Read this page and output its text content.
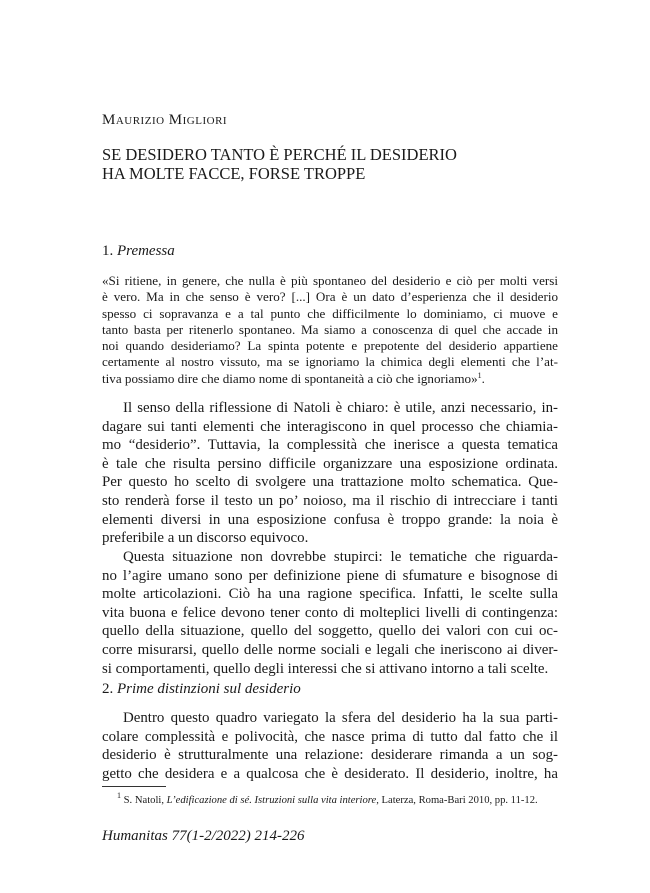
Maurizio Migliori
SE DESIDERO TANTO È PERCHÉ IL DESIDERIO
HA MOLTE FACCE, FORSE TROPPE
1. Premessa
«Si ritiene, in genere, che nulla è più spontaneo del desiderio e ciò per molti versi
è vero. Ma in che senso è vero? [...] Ora è un dato d’esperienza che il desiderio
spesso ci sopravanza e a tal punto che difficilmente lo dominiamo, ci muove e
tanto basta per ritenerlo spontaneo. Ma siamo a conoscenza di quel che accade in
noi quando desideriamo? La spinta potente e prepotente del desiderio appartiene
certamente al nostro vissuto, ma se ignoriamo la chimica degli elementi che l’at-
tiva possiamo dire che diamo nome di spontaneità a ciò che ignoriamo»$^1$.
Il senso della riflessione di Natoli è chiaro: è utile, anzi necessario, in-
dagare sui tanti elementi che interagiscono in quel processo che chiamia-
mo “desiderio”. Tuttavia, la complessità che inerisce a questa tematica
è tale che risulta persino difficile organizzare una esposizione ordinata.
Per questo ho scelto di svolgere una trattazione molto schematica. Que-
sto renderà forse il testo un po’ noioso, ma il rischio di intrecciare i tanti
elementi diversi in una esposizione confusa è troppo grande: la noia è
preferibile a un discorso equivoco.
Questa situazione non dovrebbe stupirci: le tematiche che riguarda-
no l’agire umano sono per definizione piene di sfumature e bisognose di
molte articolazioni. Ciò ha una ragione specifica. Infatti, le scelte sulla
vita buona e felice devono tener conto di molteplici livelli di contingenza:
quello della situazione, quello del soggetto, quello dei valori con cui oc-
corre misurarsi, quello delle norme sociali e legali che ineriscono ai diver-
si comportamenti, quello degli interessi che si attivano intorno a tali scelte.
2. Prime distinzioni sul desiderio
Dentro questo quadro variegato la sfera del desiderio ha la sua parti-
colare complessità e polivocità, che nasce prima di tutto dal fatto che il
desiderio è strutturalmente una relazione: desiderare rimanda a un sog-
getto che desidera e a qualcosa che è desiderato. Il desiderio, inoltre, ha
$^1$ S. Natoli, L’edificazione di sé. Istruzioni sulla vita interiore, Laterza, Roma-Bari 2010, pp. 11-12.
Humanitas 77(1-2/2022) 214-226
